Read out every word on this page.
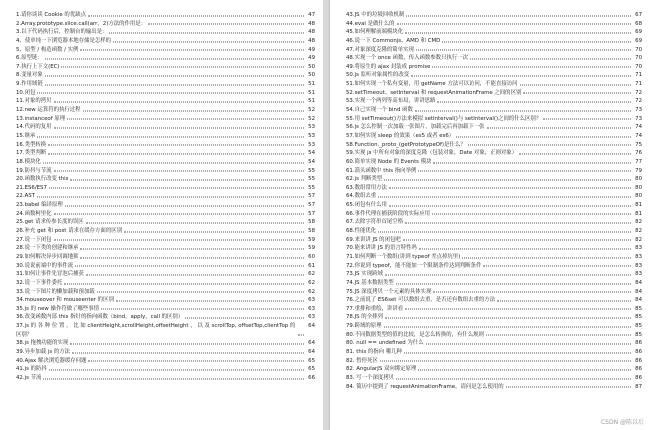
1.请你谈谈 Cookie 的优缺点	47
2.Array.prototype.slice.call(arr，2)方法的作用是：	48
3.以下代码执行后，控制台的输出是：	48
4、使单纯一下浏览器本地存储是怎样的	48
5、原型 / 构造函数 / 实例	49
6.原型链：	49
7.执行上下文(EC)	50
8.变量对象	50
9.作用域链	51
10.闭包	51
11.对象的拷贝	51
12.new 运算符的执行过程	52
13.instanceof 原理	52
14.代码的复用	53
15.继承	53
16.类型转换	53
17.类型判断	54
18.模块化	54
19.防抖与节流	55
20.函数执行改变 this	55
21.ES6/ES7	55
22.AST	57
23.babel 编译原理	57
24.函数柯里化	57
25.get 请求传参长度的误区	58
26.补充 get 和 post 请求在缓存方面的区别	58
27.说一下闭包	59
28.说一下类的创建和继承	59
29.如何解决异步回调地狱	60
30.说说前端中的事件流	61
31.如何让事件先冒泡后捕获	62
32.说一下事件委托	62
33.说一下图片的懒加载和预加载	62
34.mouseover 和 mouseenter 的区别	63
35.js 的 new 操作符做了哪些事情	63
36.改变函数内部 this 指针的指向函数（bind，apply，call 的区别）	63
37.js 的 各 种 位 置 ， 比 如 clientHeight,scrollHeight,offsetHeight ， 以 及 scrollTop, offsetTop,clientTop 的区别？
64
38.js 拖拽功能的实现	64
39.异步加载 js 的方法	64
40.Ajax 解决浏览器缓存问题	65
41.js 的防抖	65
42.js 节流	66
43.JS 中的垃圾回收机制	67
44.eval 是做什么的	68
45.如何理解前端模块化	69
46.说一下 Commonjs、AMD 和 CMD	69
47.对象深度克隆的简单实现	70
48.实现一个 once 函数，传入函数参数只执行一次	70
49.将原生的 ajax 封装成 promise	70
50.js 监听对象属性的改变	71
51.如何实现一个私有变量，用 getName 方法可以访问，不能直接访问	71
52.setTimeout、setInterval 和 requestAnimationFrame 之间的区别	72
53.实现一个两列等高布局，讲讲思路	72
54.自己实现一个 bind 函数	73
55.用 setTimeout()方法来模拟 setInterval()与 setInterval()之间的什么区别？	73
56.js 怎么控制一次加载一张图片，加载完后再加载下一张	74
57.如何实现 sleep 的效果（es5 或者 es6）	74
58.Function._proto_(getPrototypeOf)是什么？	75
59.实现 js 中所有对象的深度克隆（包装对象，Date 对象，正则对象）	76
60.简单实现 Node 的 Events 模块	77
61.箭头函数中 this 指向举例	79
62.js 判断类型	80
63.数组常用方法	80
64.数组去重	80
65.闭包有什么用	81
66.事件代理在捕获阶段的实际应用	81
67.去除字符串首尾空格	82
68.性能优化	82
69.来讲讲 JS 的闭包吧	82
70.能来讲讲 JS 的语言特性吗	83
71.如何判断一个数组(讲到 typeof 差点掉坑里)	83
72.你说到 typeof，能不能加一个限制条件达到判断条件	83
73.JS 实现跨域	83
74.JS 基本数据类型	84
75.JS 深度拷贝一个元素的具体实现	84
76.之前说了 ES6set 可以数组去重，是否还有数组去重的方法	84
77.重排和重绘，讲讲看	85
78.JS 的全排列	85
79.跨域的原理	85
80.不同数据类型的值的比较，是怎么转换的，有什么规则	85
80. null == undefined 为什么	86
81. this 的指向 哪几种	86
82. 暂停死区	86
82. AngularJS 双向绑定原理	86
83. 写一个深度拷贝	86
84. 简历中提到了 requestAnimationFrame，请问是怎么使用的	87
CSDN @陈以后
